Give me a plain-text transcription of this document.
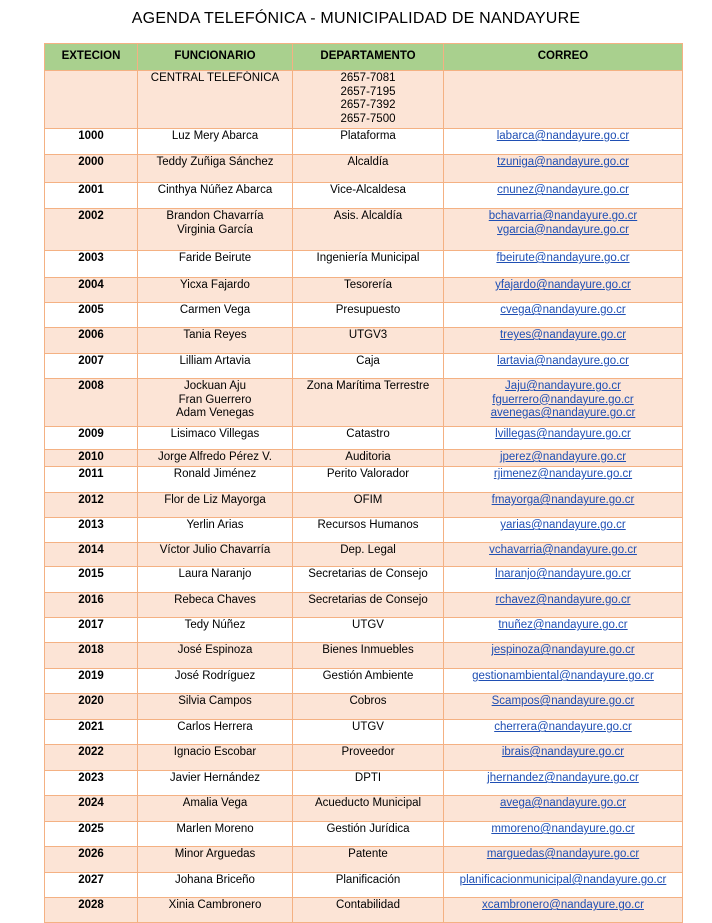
AGENDA TELEFÓNICA - MUNICIPALIDAD DE NANDAYURE
EXTECION	FUNCIONARIO	DEPARTAMENTO	CORREO
	CENTRAL TELEFÓNICA	2657-7081
2657-7195
2657-7392
2657-7500	

1000	Luz Mery Abarca	Plataforma	labarca@nandayure.go.cr

2000	Teddy Zuñiga Sánchez	Alcaldía	tzuniga@nandayure.go.cr

2001	Cinthya Núñez Abarca	Vice-Alcaldesa	cnunez@nandayure.go.cr

2002	Brandon Chavarría
Virginia García	Asis. Alcaldía	bchavarria@nandayure.go.cr
vgarcia@nandayure.go.cr

2003	Faride Beirute	Ingeniería Municipal	fbeirute@nandayure.go.cr

2004	Yicxa Fajardo	Tesorería	yfajardo@nandayure.go.cr

2005	Carmen Vega	Presupuesto	cvega@nandayure.go.cr

2006	Tania Reyes	UTGV3	treyes@nandayure.go.cr

2007	Lilliam Artavia	Caja	lartavia@nandayure.go.cr

2008	Jockuan Aju
Fran Guerrero
Adam Venegas	Zona Marítima Terrestre	Jaju@nandayure.go.cr
fguerrero@nandayure.go.cr
avenegas@nandayure.go.cr

2009	Lisimaco Villegas	Catastro	lvillegas@nandayure.go.cr

2010	Jorge Alfredo Pérez V.	Auditoria	jperez@nandayure.go.cr

2011	Ronald Jiménez	Perito Valorador	rjimenez@nandayure.go.cr

2012	Flor de Liz Mayorga	OFIM	fmayorga@nandayure.go.cr

2013	Yerlin Arias	Recursos Humanos	yarias@nandayure.go.cr

2014	Víctor Julio Chavarría	Dep. Legal	vchavarria@nandayure.go.cr

2015	Laura Naranjo	Secretarias de Consejo	lnaranjo@nandayure.go.cr

2016	Rebeca Chaves	Secretarias de Consejo	rchavez@nandayure.go.cr

2017	Tedy Núñez	UTGV	tnuñez@nandayure.go.cr

2018	José Espinoza	Bienes Inmuebles	jespinoza@nandayure.go.cr

2019	José Rodríguez	Gestión Ambiente	gestionambiental@nandayure.go.cr

2020	Silvia Campos	Cobros	Scampos@nandayure.go.cr

2021	Carlos Herrera	UTGV	cherrera@nandayure.go.cr

2022	Ignacio Escobar	Proveedor	ibrais@nandayure.go.cr

2023	Javier Hernández	DPTI	jhernandez@nandayure.go.cr

2024	Amalia Vega	Acueducto Municipal	avega@nandayure.go.cr

2025	Marlen Moreno	Gestión Jurídica	mmoreno@nandayure.go.cr

2026	Minor Arguedas	Patente	marguedas@nandayure.go.cr

2027	Johana Briceño	Planificación	planificacionmunicipal@nandayure.go.cr

2028	Xinia Cambronero	Contabilidad	xcambronero@nandayure.go.cr
